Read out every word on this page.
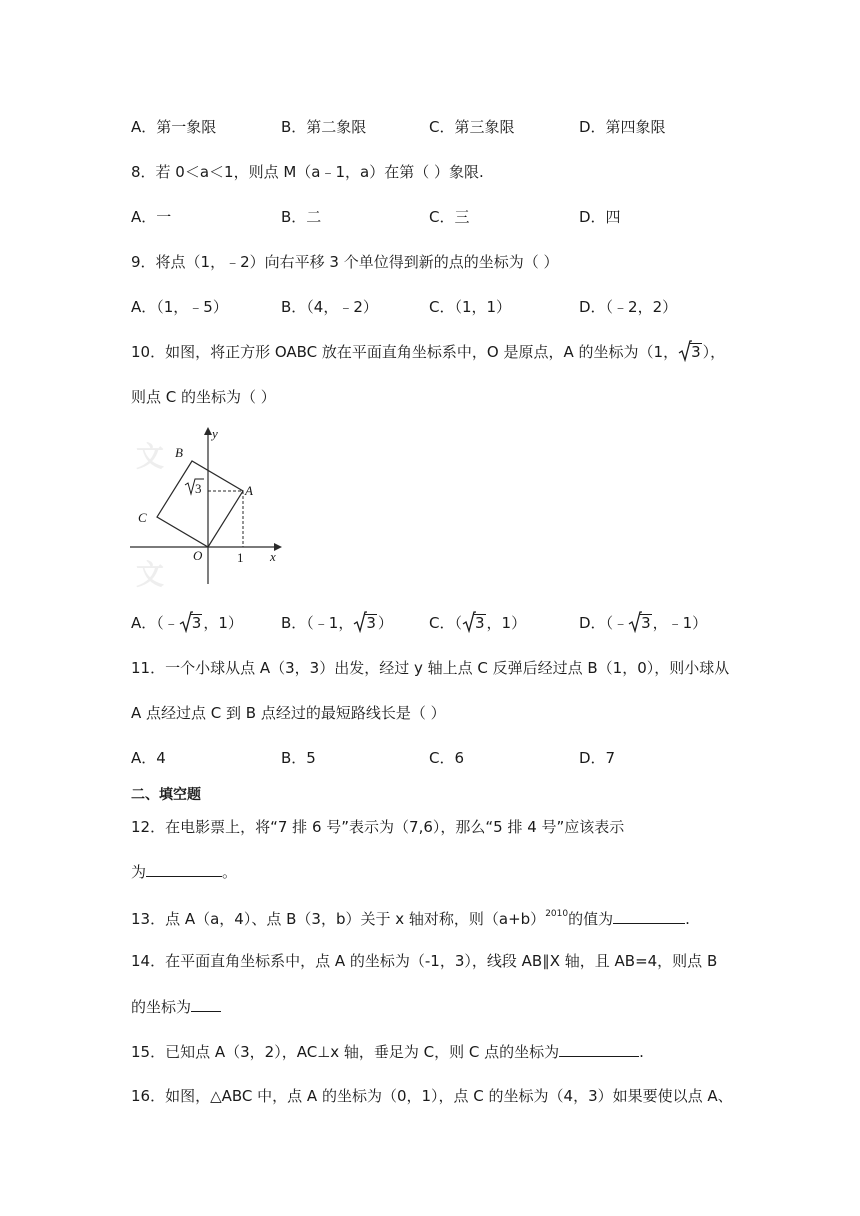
A．第一象限	B．第二象限	C．第三象限	D．第四象限
8．若 0＜a＜1，则点 M（a﹣1，a）在第（ ）象限.
A．一	B．二	C．三	D．四
9．将点（1，﹣2）向右平移 3 个单位得到新的点的坐标为（ ）
A．（1，﹣5）	B．（4，﹣2）	C．（1，1）	D．（﹣2，2）
10．如图，将正方形 OABC 放在平面直角坐标系中，O 是原点，A 的坐标为（1， 3 ），
则点 C 的坐标为（ ）
文
文
y
x
B
A
C
O	1
3
A．（﹣ 3 ，1）	B．（﹣1， 3 ） C．（ 3 ，1）	D．（﹣ 3 ，﹣1）
11．一个小球从点 A（3，3）出发，经过 y 轴上点 C 反弹后经过点 B（1，0），则小球从
A 点经过点 C 到 B 点经过的最短路线长是（ ）
A．4	B．5	C．6	D．7
二、填空题
12．在电影票上，将“7 排 6 号”表示为（7,6），那么“5 排 4 号”应该表示
为	。
13．点 A（a，4）、点 B（3，b）关于 x 轴对称，则$(a+b)^{2010}$的值为	.
14．在平面直角坐标系中，点 A 的坐标为（-1，3），线段 AB∥X 轴，且 AB=4，则点 B
的坐标为
15．已知点 A（3，2），AC⊥x 轴，垂足为 C，则 C 点的坐标为	.
16．如图，△ABC 中，点 A 的坐标为（0，1），点 C 的坐标为（4，3）如果要使以点 A、
